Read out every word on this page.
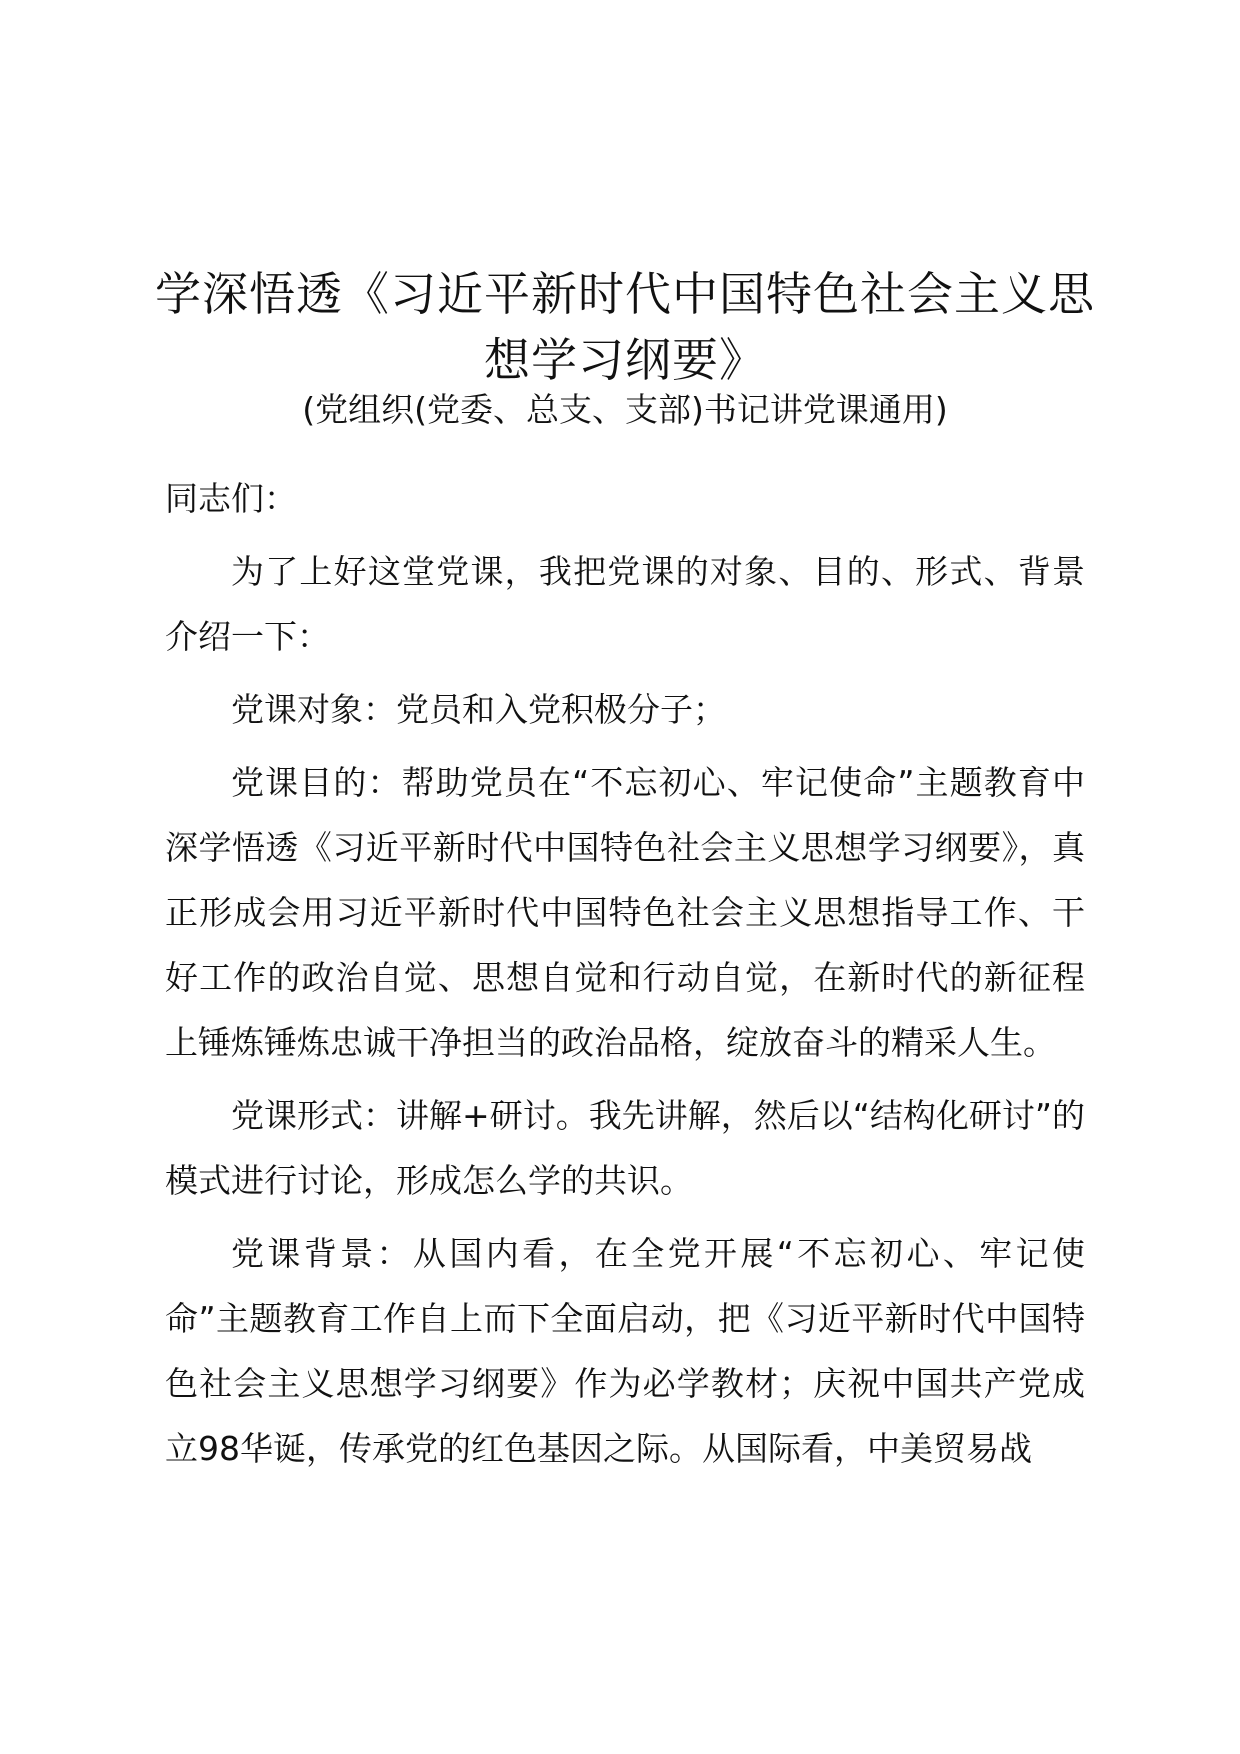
学深悟透《习近平新时代中国特色社会主义思想学习纲要》
(党组织(党委、总支、支部)书记讲党课通用)

同志们：

为了上好这堂党课，我把党课的对象、目的、形式、背景介绍一下：

党课对象：党员和入党积极分子；

党课目的：帮助党员在“不忘初心、牢记使命”主题教育中深学悟透《习近平新时代中国特色社会主义思想学习纲要》，真正形成会用习近平新时代中国特色社会主义思想指导工作、干好工作的政治自觉、思想自觉和行动自觉，在新时代的新征程上锤炼锤炼忠诚干净担当的政治品格，绽放奋斗的精采人生。

党课形式：讲解+研讨。我先讲解，然后以“结构化研讨”的模式进行讨论，形成怎么学的共识。

党课背景：从国内看，在全党开展“不忘初心、牢记使命”主题教育工作自上而下全面启动，把《习近平新时代中国特色社会主义思想学习纲要》作为必学教材；庆祝中国共产党成立98华诞，传承党的红色基因之际。从国际看，中美贸易战
